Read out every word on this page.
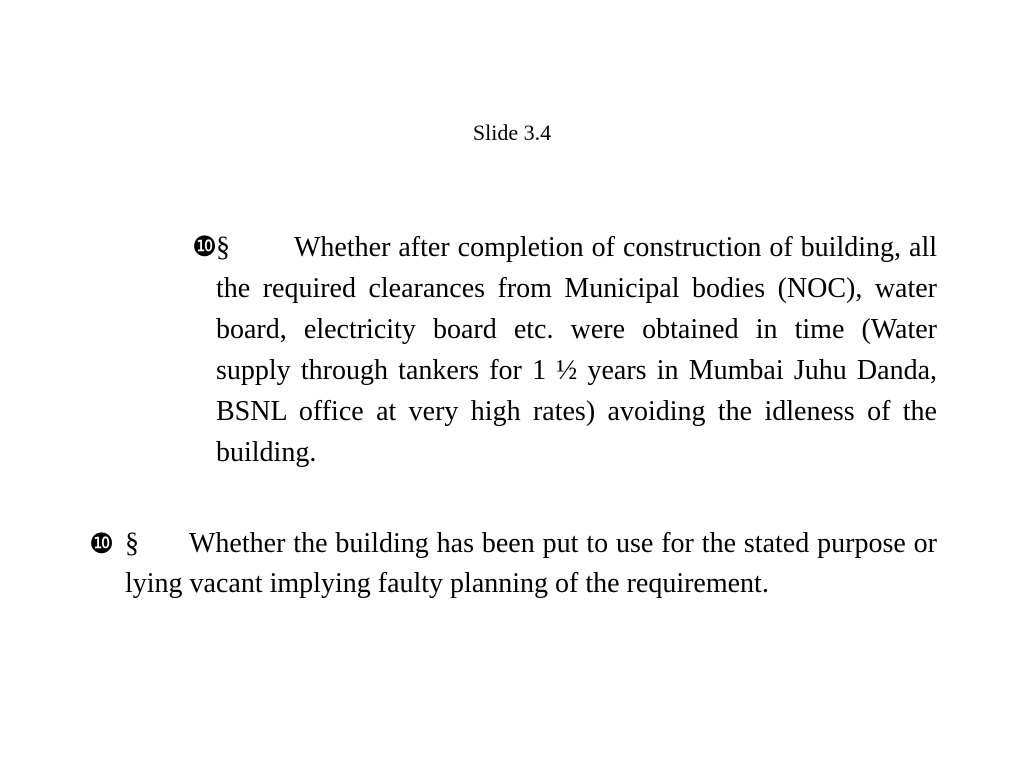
Slide 3.4
❿
§ Whether after completion of construction of building, all the required clearances from Municipal bodies (NOC), water board, electricity board etc. were obtained in time (Water supply through tankers for 1 ½ years in Mumbai Juhu Danda, BSNL office at very high rates) avoiding the idleness of the building.
❿ § Whether the building has been put to use for the stated purpose or lying vacant implying faulty planning of the requirement.
